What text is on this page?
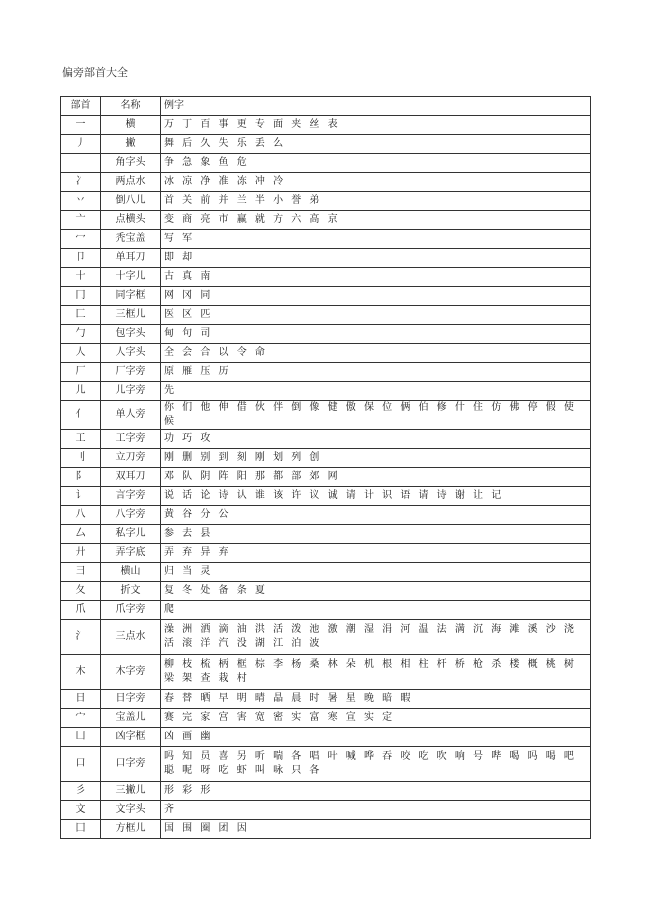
偏旁部首大全
部首	名称	例字
一	横	万 丁 百 事 更 专 面 夹 丝 表
丿	撇	舞 后 久 失 乐 丢 么
	角字头	争 急 象 鱼 危
冫	两点水	冰 凉 净 准 冻 冲 冷
丷	倒八儿	首 关 前 并 兰 半 小 誉 弟
亠	点横头	变 商 亮 市 赢 就 方 六 高 京
冖	秃宝盖	写 军
卩	单耳刀	即 却
十	十字儿	古 真 南
冂	同字框	网 冈 同
匚	三框儿	医 区 匹
勹	包字头	甸 句 司
人	人字头	全 会 合 以 令 命
厂	厂字旁	原 雁 压 历
儿	儿字旁	先
亻	单人旁	你 们 他 伸 借 伙 伴 倒 像 健 傲 保 位 俩 伯 修 什 住 仿 佛 停 假 使 候
工	工字旁	功 巧 攻
刂	立刀旁	刚 删 别 到 刻 刚 划 列 创
阝	双耳刀	邓 队 阴 阵 阳 那 都 部 郊 网
讠	言字旁	说 话 论 诗 认 谁 该 许 议 诚 请 计 识 语 请 诗 谢 让 记
八	八字旁	黄 谷 分 公
厶	私字儿	参 去 县
廾	弄字底	弄 弃 异 弃
彐	横山	归 当 灵
夂	折文	复 冬 处 备 条 夏
爪	爪字旁	爬
氵	三点水	澡 洲 洒 滴 油 洪 活 泼 池 激 潮 湿 涓 河 温 法 满 沉 海 滩 溪 沙 浇 活 滚 洋 汽 没 湖 江 泊 波
木	木字旁	柳 枝 梳 柄 框 棕 李 杨 桑 林 朵 机 根 相 柱 杆 桥 枪 杀 楼 概 桃 树 梁 架 查 栽 村
日	日字旁	春 替 晒 早 明 晴 晶 晨 时 暑 星 晚 暗 暇
宀	宝盖儿	赛 完 家 宫 害 宽 密 实 富 寒 宣 实 定
凵	凶字框	凶 画 幽
口	口字旁	吗 知 员 喜 另 听 喘 各 唱 叶 喊 哗 吞 咬 吃 吹 响 号 哔 喝 吗 喝 吧 聪 呢 呀 吃 虾 叫 咏 只 各
彡	三撇儿	形 彩 形
文	文字头	齐
囗	方框儿	国 围 圈 团 因
